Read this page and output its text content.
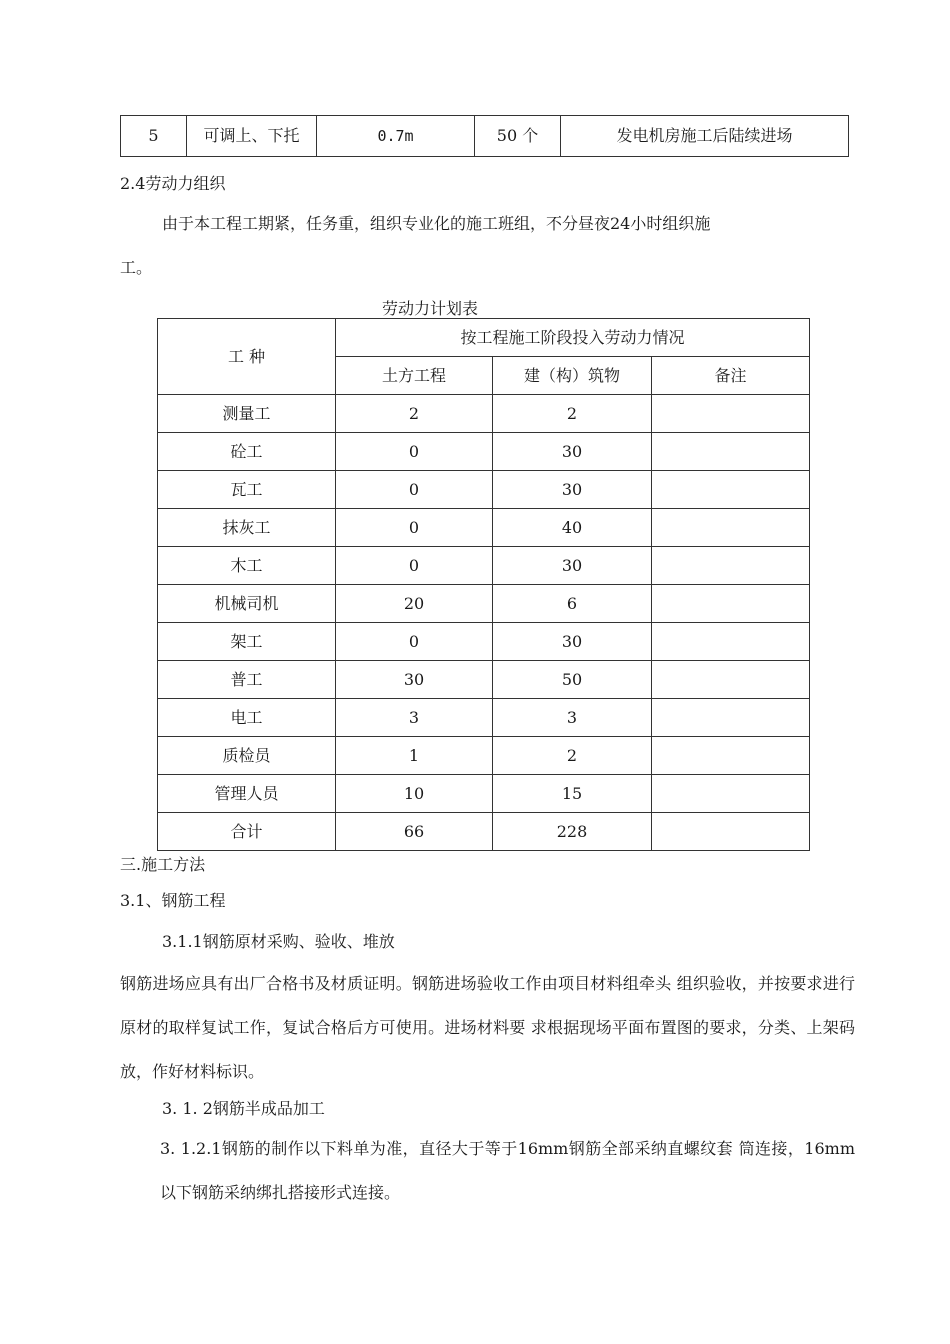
5	可调上、下托	0.7m	50 个	发电机房施工后陆续进场
2.4劳动力组织
由于本工程工期紧，任务重，组织专业化的施工班组，不分昼夜24小时组织施
工。
劳动力计划表
工 种	按工程施工阶段投入劳动力情况		
	土方工程	建（构）筑物	备注
测量工	2	2	
砼工	0	30	
瓦工	0	30	
抹灰工	0	40	
木工	0	30	
机械司机	20	6	
架工	0	30	
普工	30	50	
电工	3	3	
质检员	1	2	
管理人员	10	15	
合计	66	228	
三.施工方法
3.1、钢筋工程
3.1.1钢筋原材采购、验收、堆放
钢筋进场应具有出厂合格书及材质证明。钢筋进场验收工作由项目材料组牵头 组织验收，并按要求进行原材的取样复试工作，复试合格后方可使用。进场材料要 求根据现场平面布置图的要求，分类、上架码放，作好材料标识。
3. 1. 2钢筋半成品加工
3. 1.2.1钢筋的制作以下料单为准，直径大于等于16mm钢筋全部采纳直螺纹套 筒连接，16mm以下钢筋采纳绑扎搭接形式连接。
